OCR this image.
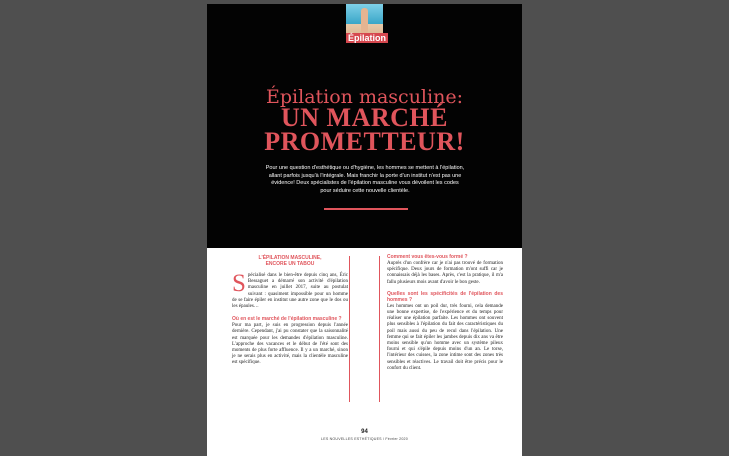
Épilation
Épilation masculine:
UN MARCHÉ
PROMETTEUR!
Pour une question d'esthétique ou d'hygiène, les hommes se mettent à l'épilation, allant parfois jusqu'à l'intégrale. Mais franchir la porte d'un institut n'est pas une évidence! Deux spécialistes de l'épilation masculine vous dévoilent les codes pour séduire cette nouvelle clientèle.
L'ÉPILATION MASCULINE,
ENCORE UN TABOU

Spécialisé dans le bien-être depuis cinq ans, Éric Bessaguet a démarré son activité d'épilation masculine en juillet 2017, suite au postulat suivant : quasiment impossible pour un homme de se faire épiler en institut une autre zone que le dos ou les épaules…

Où en est le marché de l'épilation masculine ?

Pour ma part, je suis en progression depuis l'année dernière. Cependant, j'ai pu constater que la saisonnalité est marquée pour les demandes d'épilation masculine. L'approche des vacances et le début de l'été sont des moments de plus forte affluence. Il y a un marché, sinon je ne serais plus en activité, mais la clientèle masculine est spécifique.

Comment vous êtes-vous formé ?

Auprès d'un confrère car je n'ai pas trouvé de formation spécifique. Deux jours de formation m'ont suffi car je connaissais déjà les bases. Après, c'est la pratique, il m'a fallu plusieurs mois avant d'avoir le bon geste.

Quelles sont les spécificités de l'épilation des hommes ?

Les hommes ont un poil dur, très fourni, cela demande une bonne expertise, de l'expérience et du temps pour réaliser une épilation parfaite. Les hommes ont souvent plus sensibles à l'épilation du fait des caractéristiques du poil mais aussi du peu de recul dans l'épilation. Une femme qui se fait épiler les jambes depuis dix ans va être moins sensible qu'un homme avec un système pileux fourni et qui s'épile depuis moins d'un an. Le torse, l'intérieur des cuisses, la zone intime sont des zones très sensibles et réactives. Le travail doit être précis pour le confort du client.

94
LES NOUVELLES ESTHÉTIQUES / Février 2020
